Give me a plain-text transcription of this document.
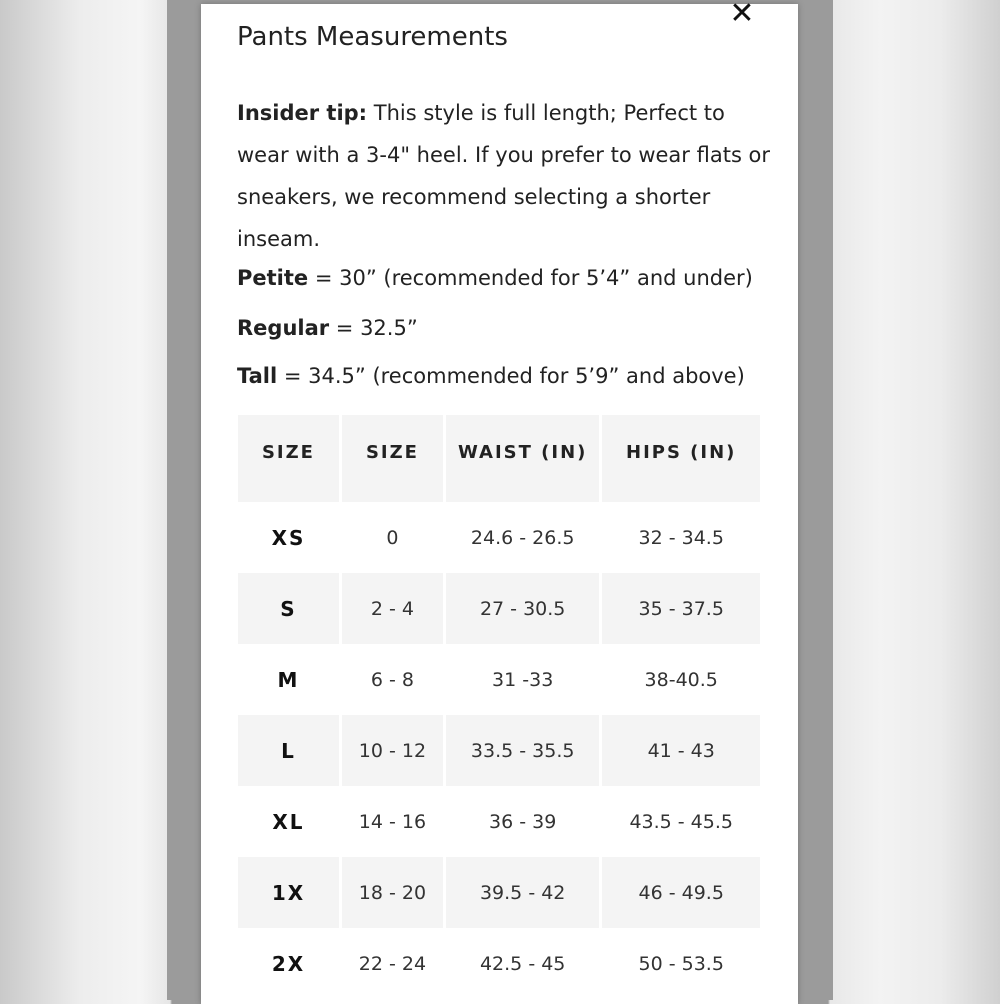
✕
Pants Measurements
Insider tip: This style is full length; Perfect to wear with a 3-4" heel. If you prefer to wear flats or sneakers, we recommend selecting a shorter inseam.
Petite = 30” (recommended for 5’4” and under)
Regular = 32.5”
Tall = 34.5” (recommended for 5’9” and above)
SIZE	SIZE	WAIST (IN)	HIPS (IN)
XS	0	24.6 - 26.5	32 - 34.5
S	2 - 4	27 - 30.5	35 - 37.5
M	6 - 8	31 -33	38-40.5
L	10 - 12	33.5 - 35.5	41 - 43
XL	14 - 16	36 - 39	43.5 - 45.5
1X	18 - 20	39.5 - 42	46 - 49.5
2X	22 - 24	42.5 - 45	50 - 53.5
